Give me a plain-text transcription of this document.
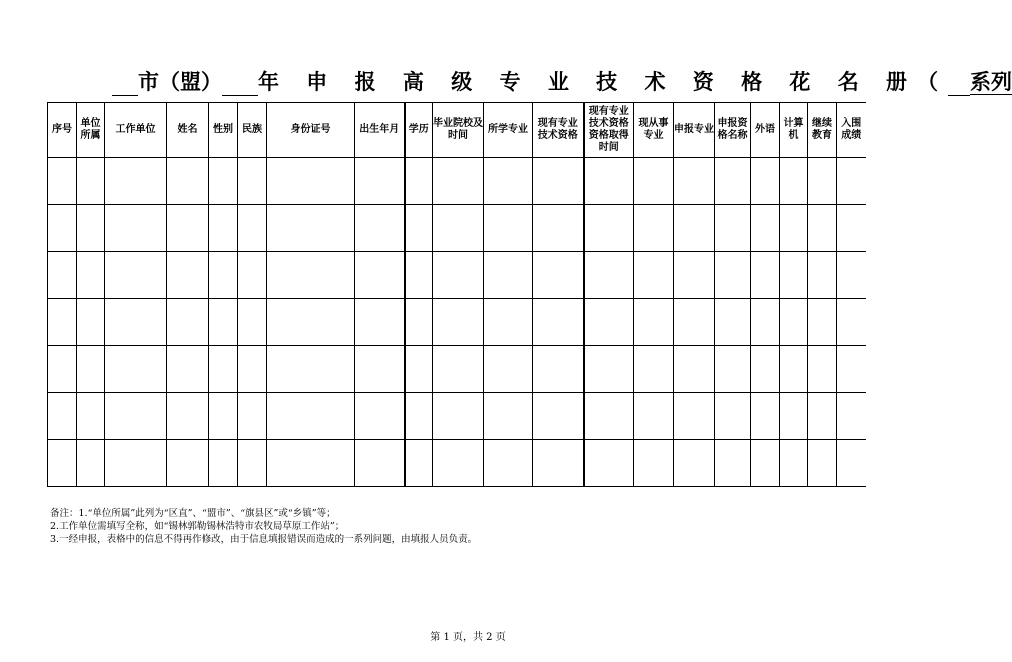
市（盟） 年 申 报 高 级 专 业 技 术 资 格 花 名 册（ 系列
序号	单位所属	工作单位	姓名	性别	民族	身份证号	出生年月	学历	毕业院校及时间	所学专业	现有专业技术资格	现有专业技术资格资格取得时间	现从事专业	申报专业	申报资格名称	外语	计算机	继续教育	入围成绩

备注：1.“单位所属”此列为“区直”、“盟市”、“旗县区”或“乡镇”等；
2.工作单位需填写全称，如“锡林郭勒锡林浩特市农牧局草原工作站”；
3.一经申报，表格中的信息不得再作修改，由于信息填报错误而造成的一系列问题，由填报人员负责。
第 1 页，共 2 页
